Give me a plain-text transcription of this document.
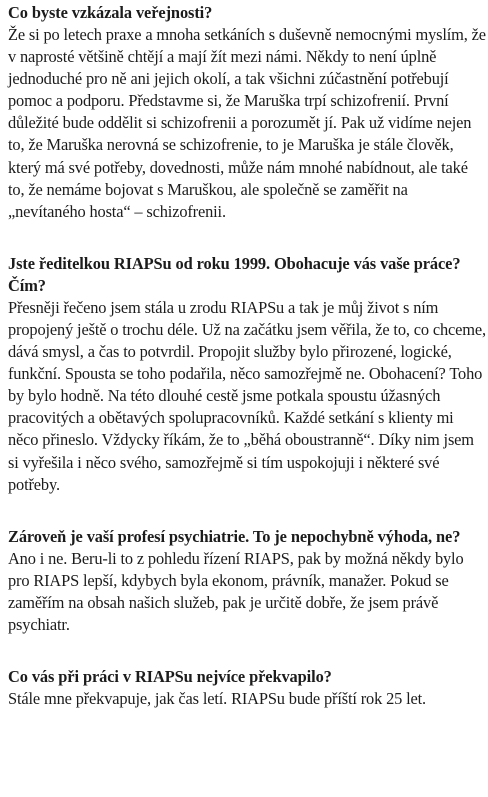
Co byste vzkázala veřejnosti?

Že si po letech praxe a mnoha setkáních s duševně nemocnými myslím, že v naprosté většině chtějí a mají žít mezi námi. Někdy to není úplně jednoduché pro ně ani jejich okolí, a tak všichni zúčastnění potřebují pomoc a podporu. Představme si, že Maruška trpí schizofrenií. První důležité bude oddělit si schizofrenii a porozumět jí. Pak už vidíme nejen to, že Maruška nerovná se schizofrenie, to je Maruška je stále člověk, který má své potřeby, dovednosti, může nám mnohé nabídnout, ale také to, že nemáme bojovat s Maruškou, ale společně se zaměřit na „nevítaného hosta“ – schizofrenii.

Jste ředitelkou RIAPSu od roku 1999. Obohacuje vás vaše práce? Čím?

Přesněji řečeno jsem stála u zrodu RIAPSu a tak je můj život s ním propojený ještě o trochu déle. Už na začátku jsem věřila, že to, co chceme, dává smysl, a čas to potvrdil. Propojit služby bylo přirozené, logické, funkční. Spousta se toho podařila, něco samozřejmě ne. Obohacení? Toho by bylo hodně. Na této dlouhé cestě jsme potkala spoustu úžasných pracovitých a obětavých spolupracovníků. Každé setkání s klienty mi něco přineslo. Vždycky říkám, že to „běhá oboustranně“. Díky nim jsem si vyřešila i něco svého, samozřejmě si tím uspokojuji i některé své potřeby.

Zároveň je vaší profesí psychiatrie. To je nepochybně výhoda, ne?

Ano i ne. Beru-li to z pohledu řízení RIAPS, pak by možná někdy bylo pro RIAPS lepší, kdybych byla ekonom, právník, manažer. Pokud se zaměřím na obsah našich služeb, pak je určitě dobře, že jsem právě psychiatr.

Co vás při práci v RIAPSu nejvíce překvapilo?

Stále mne překvapuje, jak čas letí. RIAPSu bude příští rok 25 let.
